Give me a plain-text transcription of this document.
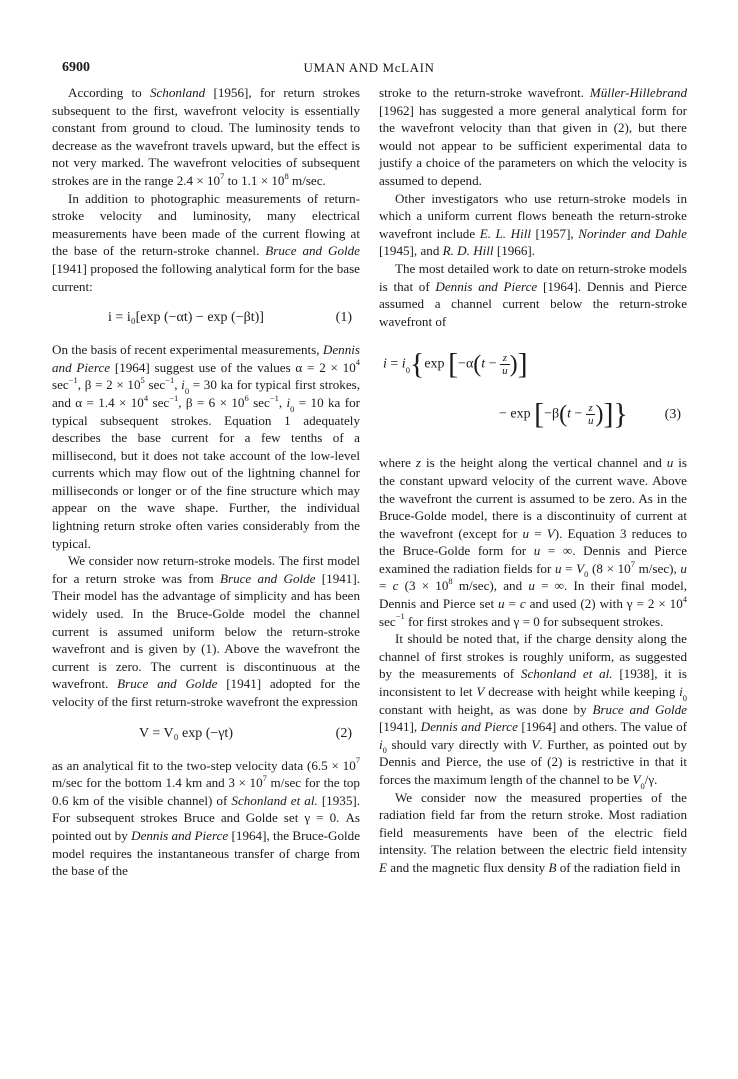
6900	UMAN AND McLAIN

According to Schonland [1956], for return strokes subsequent to the first, wavefront velocity is essentially constant from ground to cloud. The luminosity tends to decrease as the wavefront travels upward, but the effect is not very marked. The wavefront velocities of subsequent strokes are in the range $2.4 \times 10^7$ to $1.1 \times 10^8$ m/sec.

In addition to photographic measurements of return-stroke velocity and luminosity, many electrical measurements have been made of the current flowing at the base of the return-stroke channel. Bruce and Golde [1941] proposed the following analytical form for the base current:

i = i₀[exp (−αt) − exp (−βt)]	(1)

On the basis of recent experimental measurements, Dennis and Pierce [1964] suggest use of the values $\alpha = 2 \times 10^4$ $\sec^{-1}$, $\beta = 2 \times 10^5$ $\sec^{-1}$, $i_0 = 30$ ka for typical first strokes, and $\alpha = 1.4 \times 10^4$ $\sec^{-1}$, $\beta = 6 \times 10^6$ $\sec^{-1}$, $i_0 = 10$ ka for typical subsequent strokes. Equation 1 adequately describes the base current for a few tenths of a millisecond, but it does not take account of the low-level currents which may flow out of the lightning channel for milliseconds or longer or of the fine structure which may appear on the wave shape. Further, the individual lightning return stroke often varies considerably from the typical.

We consider now return-stroke models. The first model for a return stroke was from Bruce and Golde [1941]. Their model has the advantage of simplicity and has been widely used. In the Bruce-Golde model the channel current is assumed uniform below the return-stroke wavefront and is given by (1). Above the wavefront the current is zero. The current is discontinuous at the wavefront. Bruce and Golde [1941] adopted for the velocity of the first return-stroke wavefront the expression

V = V₀ exp (−γt)	(2)

as an analytical fit to the two-step velocity data ($6.5 \times 10^7$ m/sec for the bottom 1.4 km and $3 \times 10^7$ m/sec for the top 0.6 km of the visible channel) of Schonland et al. [1935]. For subsequent strokes Bruce and Golde set γ = 0. As pointed out by Dennis and Pierce [1964], the Bruce-Golde model requires the instantaneous transfer of charge from the base of the

stroke to the return-stroke wavefront. Müller-Hillebrand [1962] has suggested a more general analytical form for the wavefront velocity than that given in (2), but there would not appear to be sufficient experimental data to justify a choice of the parameters on which the velocity is assumed to depend.

Other investigators who use return-stroke models in which a uniform current flows beneath the return-stroke wavefront include E. L. Hill [1957], Norinder and Dahle [1945], and R. D. Hill [1966].

The most detailed work to date on return-stroke models is that of Dennis and Pierce [1964]. Dennis and Pierce assumed a channel current below the return-stroke wavefront of

$i = i_0\{\exp$ [$-\alpha(t - \frac{z}{u}$ )]
− $\exp [-\beta(t - \frac{z}{u}$ )]}	(3)

where z is the height along the vertical channel and u is the constant upward velocity of the current wave. Above the wavefront the current is assumed to be zero. As in the Bruce-Golde model, there is a discontinuity of current at the wavefront (except for u = V). Equation 3 reduces to the Bruce-Golde form for u = ∞. Dennis and Pierce examined the radiation fields for $u = V_0$ ($8 \times 10^7$ m/sec), u = c ($3 \times 10^8$ m/sec), and u = ∞. In their final model, Dennis and Pierce set u = c and used (2) with $\gamma = 2 \times 10^4$ $\sec^{-1}$ for first strokes and γ = 0 for subsequent strokes.

It should be noted that, if the charge density along the channel of first strokes is roughly uniform, as suggested by the measurements of Schonland et al. [1938], it is inconsistent to let V decrease with height while keeping $i_0$ constant with height, as was done by Bruce and Golde [1941], Dennis and Pierce [1964] and others. The value of $i_0$ should vary directly with V. Further, as pointed out by Dennis and Pierce, the use of (2) is restrictive in that it forces the maximum length of the channel to be $V_0/\gamma$.

We consider now the measured properties of the radiation field far from the return stroke. Most radiation field measurements have been of the electric field intensity. The relation between the electric field intensity E and the magnetic flux density B of the radiation field in
